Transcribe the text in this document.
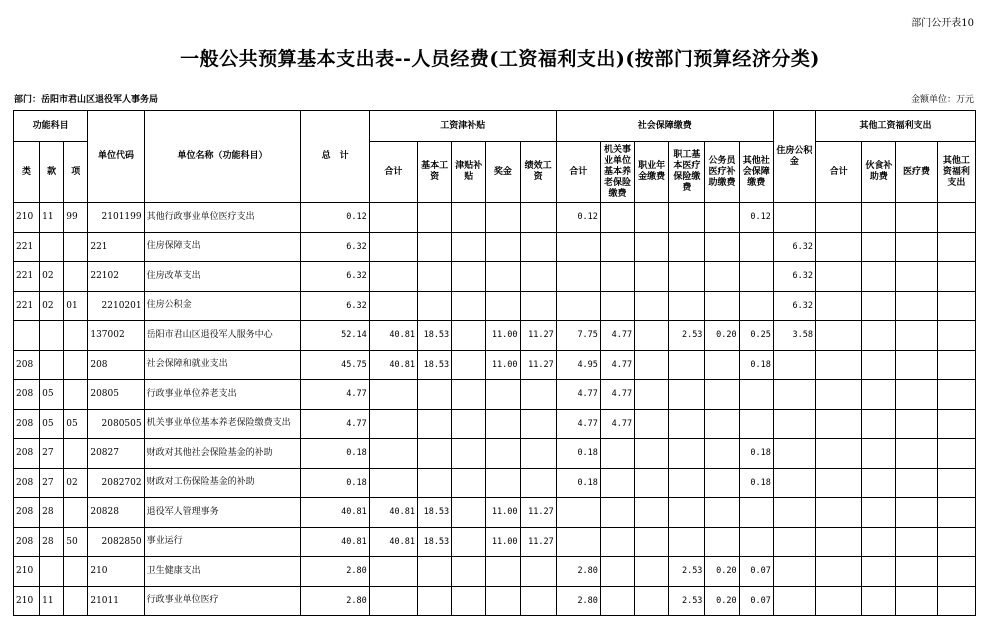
部门公开表10
一般公共预算基本支出表--人员经费(工资福利支出)(按部门预算经济分类)
部门：岳阳市君山区退役军人事务局	金额单位：万元
功能科目			单位代码	单位名称（功能科目）	总　计	工资津补贴					社会保障缴费						住房公积金	其他工资福利支出			
类	款	项				合计	基本工资	津贴补贴	奖金	绩效工资	合计	机关事业单位基本养老保险缴费	职业年金缴费	职工基本医疗保险缴费	公务员医疗补助缴费	其他社会保障缴费		合计	伙食补助费	医疗费	其他工资福利支出
210	11	99	2101199	其他行政事业单位医疗支出	0.12						0.12					0.12					
221			221	住房保障支出	6.32												6.32				
221	02		22102	住房改革支出	6.32												6.32				
221	02	01	2210201	住房公积金	6.32												6.32				
			137002	岳阳市君山区退役军人服务中心	52.14	40.81	18.53		11.00	11.27	7.75	4.77		2.53	0.20	0.25	3.58				
208			208	社会保障和就业支出	45.75	40.81	18.53		11.00	11.27	4.95	4.77				0.18					
208	05		20805	行政事业单位养老支出	4.77						4.77	4.77									
208	05	05	2080505	机关事业单位基本养老保险缴费支出	4.77						4.77	4.77									
208	27		20827	财政对其他社会保险基金的补助	0.18						0.18					0.18					
208	27	02	2082702	财政对工伤保险基金的补助	0.18						0.18					0.18					
208	28		20828	退役军人管理事务	40.81	40.81	18.53		11.00	11.27											
208	28	50	2082850	事业运行	40.81	40.81	18.53		11.00	11.27											
210			210	卫生健康支出	2.80						2.80			2.53	0.20	0.07					
210	11		21011	行政事业单位医疗	2.80						2.80			2.53	0.20	0.07					
